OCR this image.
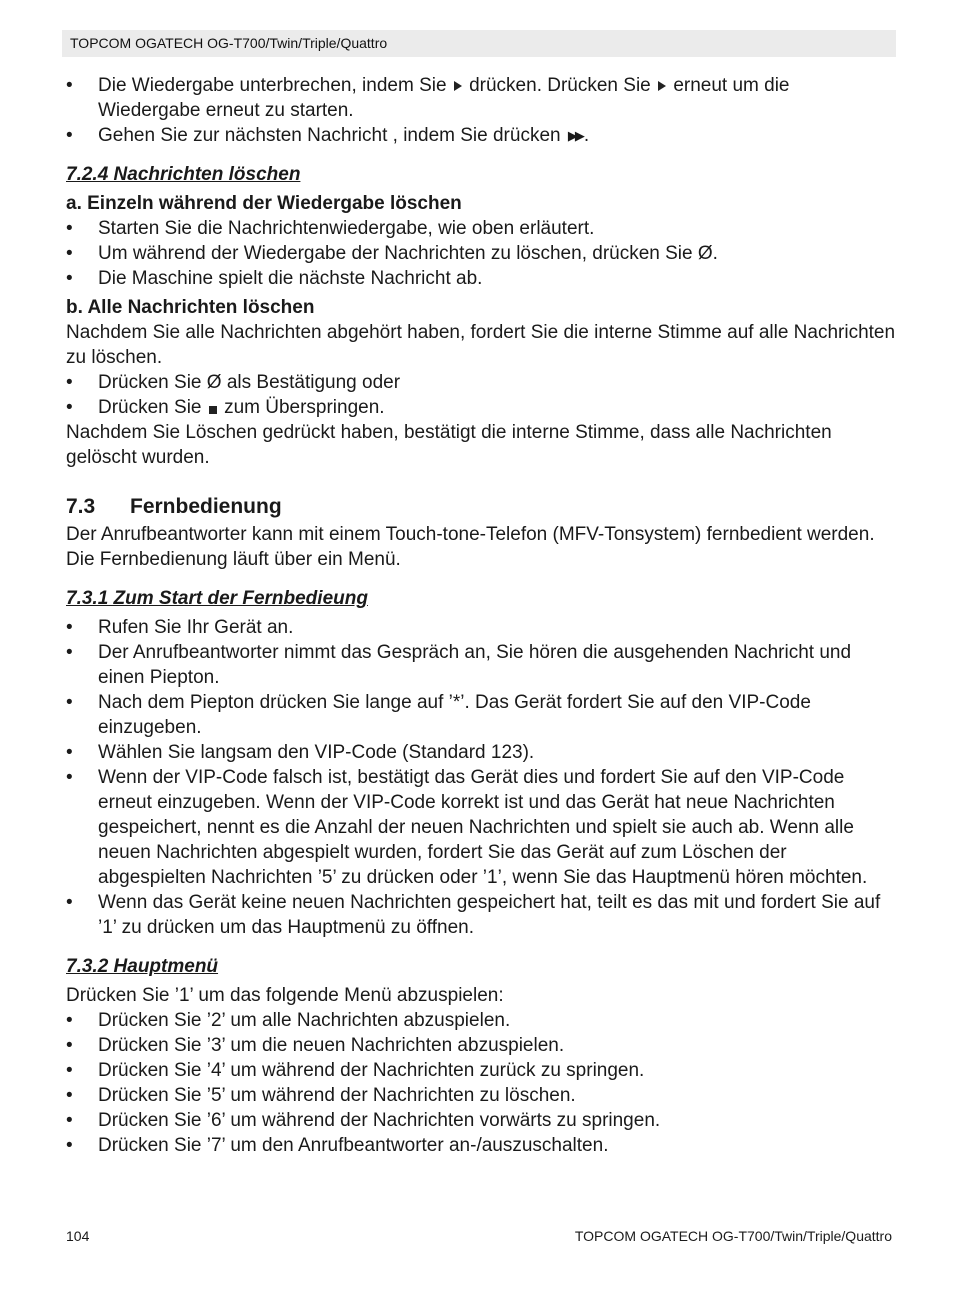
TOPCOM OGATECH OG-T700/Twin/Triple/Quattro
• Die Wiedergabe unterbrechen, indem Sie drücken. Drücken Sie erneut um die Wiedergabe erneut zu starten.
• Gehen Sie zur nächsten Nachricht , indem Sie drücken ▶▶ .

7.2.4 Nachrichten löschen

a. Einzeln während der Wiedergabe löschen

• Starten Sie die Nachrichtenwiedergabe, wie oben erläutert.
• Um während der Wiedergabe der Nachrichten zu löschen, drücken Sie Ø.
• Die Maschine spielt die nächste Nachricht ab.

b. Alle Nachrichten löschen

Nachdem Sie alle Nachrichten abgehört haben, fordert Sie die interne Stimme auf alle Nachrichten zu löschen.

• Drücken Sie Ø als Bestätigung oder
• Drücken Sie zum Überspringen.

Nachdem Sie Löschen gedrückt haben, bestätigt die interne Stimme, dass alle Nachrichten gelöscht wurden.

7.3 Fernbedienung

Der Anrufbeantworter kann mit einem Touch-tone-Telefon (MFV-Tonsystem) fernbedient werden. Die Fernbedienung läuft über ein Menü.

7.3.1 Zum Start der Fernbedieung

• Rufen Sie Ihr Gerät an.
• Der Anrufbeantworter nimmt das Gespräch an, Sie hören die ausgehenden Nachricht und einen Piepton.
• Nach dem Piepton drücken Sie lange auf ’*’. Das Gerät fordert Sie auf den VIP-Code einzugeben.
• Wählen Sie langsam den VIP-Code (Standard 123).
• Wenn der VIP-Code falsch ist, bestätigt das Gerät dies und fordert Sie auf den VIP-Code erneut einzugeben. Wenn der VIP-Code korrekt ist und das Gerät hat neue Nachrichten gespeichert, nennt es die Anzahl der neuen Nachrichten und spielt sie auch ab. Wenn alle neuen Nachrichten abgespielt wurden, fordert Sie das Gerät auf zum Löschen der abgespielten Nachrichten ’5’ zu drücken oder ’1’, wenn Sie das Hauptmenü hören möchten.
• Wenn das Gerät keine neuen Nachrichten gespeichert hat, teilt es das mit und fordert Sie auf ’1’ zu drücken um das Hauptmenü zu öffnen.

7.3.2 Hauptmenü

Drücken Sie ’1’ um das folgende Menü abzuspielen:

• Drücken Sie ’2’ um alle Nachrichten abzuspielen.
• Drücken Sie ’3’ um die neuen Nachrichten abzuspielen.
• Drücken Sie ’4’ um während der Nachrichten zurück zu springen.
• Drücken Sie ’5’ um während der Nachrichten zu löschen.
• Drücken Sie ’6’ um während der Nachrichten vorwärts zu springen.
• Drücken Sie ’7’ um den Anrufbeantworter an-/auszuschalten.
104	TOPCOM OGATECH OG-T700/Twin/Triple/Quattro
